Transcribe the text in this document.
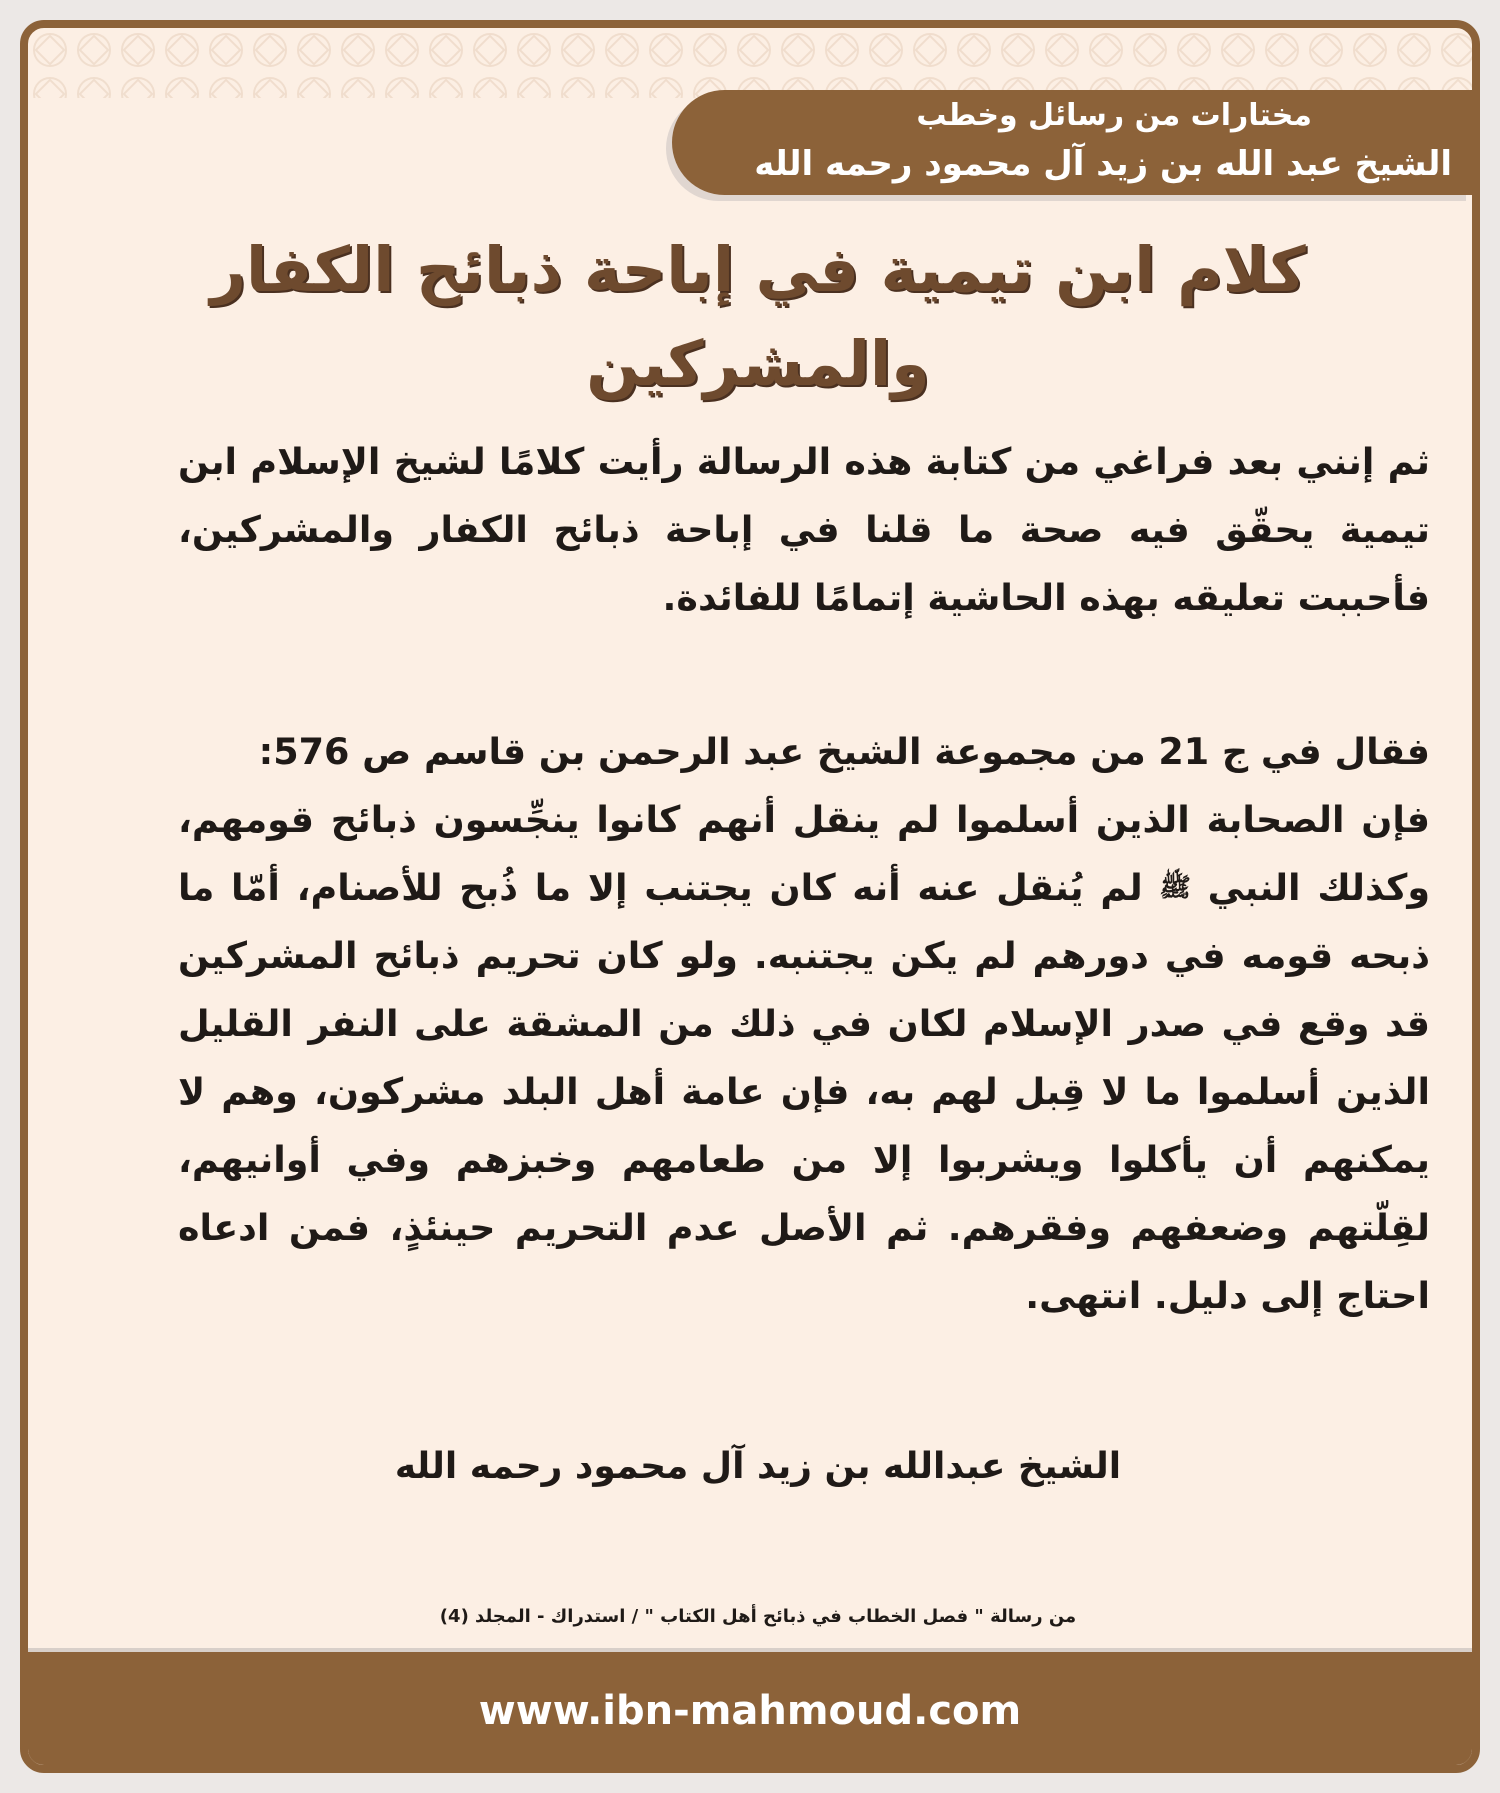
مختارات من رسائل وخطب
الشيخ عبد الله بن زيد آل محمود رحمه الله
كلام ابن تيمية في إباحة ذبائح الكفار والمشركين
ثم إنني بعد فراغي من كتابة هذه الرسالة رأيت كلامًا لشيخ الإسلام ابن تيمية يحقّق فيه صحة ما قلنا في إباحة ذبائح الكفار والمشركين، فأحببت تعليقه بهذه الحاشية إتمامًا للفائدة.
فقال في ج 21 من مجموعة الشيخ عبد الرحمن بن قاسم ص 576:
فإن الصحابة الذين أسلموا لم ينقل أنهم كانوا ينجِّسون ذبائح قومهم، وكذلك النبي $^ﷺ$ لم يُنقل عنه أنه كان يجتنب إلا ما ذُبح للأصنام، أمّا ما ذبحه قومه في دورهم لم يكن يجتنبه. ولو كان تحريم ذبائح المشركين قد وقع في صدر الإسلام لكان في ذلك من المشقة على النفر القليل الذين أسلموا ما لا قِبل لهم به، فإن عامة أهل البلد مشركون، وهم لا يمكنهم أن يأكلوا ويشربوا إلا من طعامهم وخبزهم وفي أوانيهم، لقِلّتهم وضعفهم وفقرهم. ثم الأصل عدم التحريم حينئذٍ، فمن ادعاه احتاج إلى دليل. انتهى.
الشيخ عبدالله بن زيد آل محمود رحمه الله
من رسالة " فصل الخطاب في ذبائح أهل الكتاب " / استدراك - المجلد (4)
www.ibn-mahmoud.com
